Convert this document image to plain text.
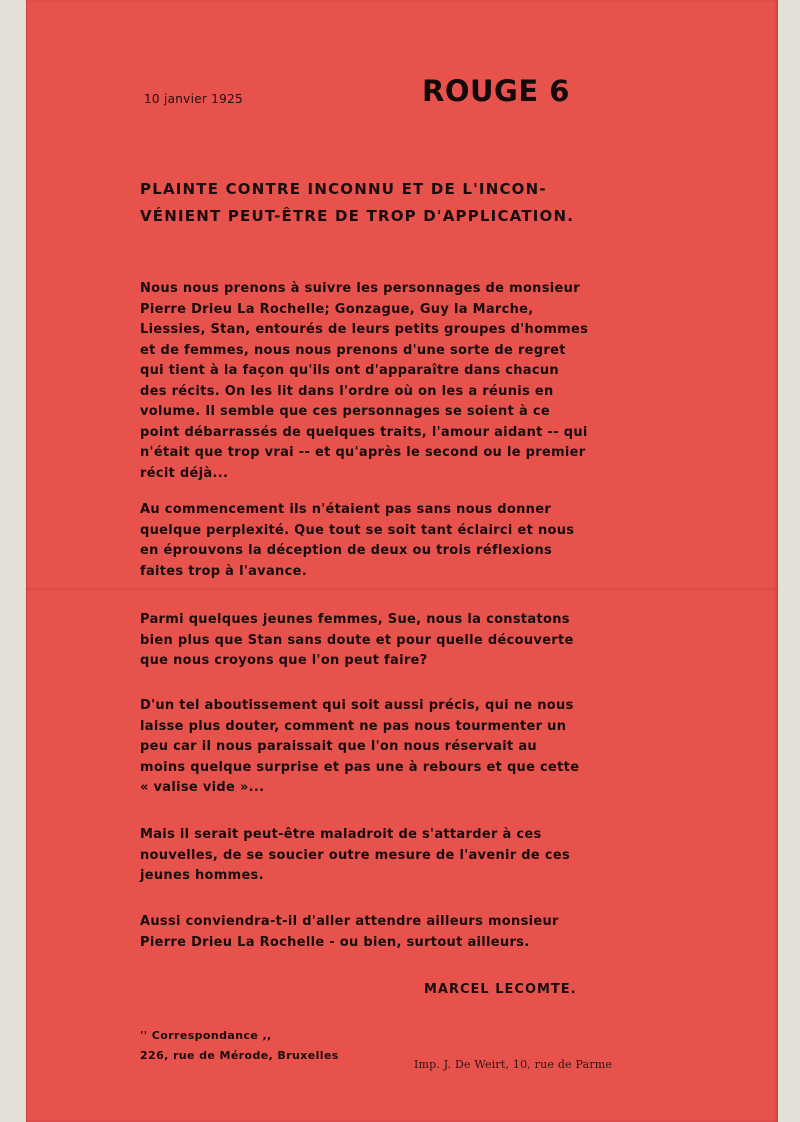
10 janvier 1925	ROUGE 6
PLAINTE CONTRE INCONNU ET DE L'INCON-
VÉNIENT PEUT-ÊTRE DE TROP D'APPLICATION.

Nous nous prenons à suivre les personnages de monsieur
Pierre Drieu La Rochelle; Gonzague, Guy la Marche,
Liessies, Stan, entourés de leurs petits groupes d'hommes
et de femmes, nous nous prenons d'une sorte de regret
qui tient à la façon qu'ils ont d'apparaître dans chacun
des récits. On les lit dans l'ordre où on les a réunis en
volume. Il semble que ces personnages se soient à ce
point débarrassés de quelques traits, l'amour aidant -- qui
n'était que trop vrai -- et qu'après le second ou le premier
récit déjà...

Au commencement ils n'étaient pas sans nous donner
quelque perplexité. Que tout se soit tant éclairci et nous
en éprouvons la déception de deux ou trois réflexions
faites trop à l'avance.

Parmi quelques jeunes femmes, Sue, nous la constatons
bien plus que Stan sans doute et pour quelle découverte
que nous croyons que l'on peut faire?

D'un tel aboutissement qui soit aussi précis, qui ne nous
laisse plus douter, comment ne pas nous tourmenter un
peu car il nous paraissait que l'on nous réservait au
moins quelque surprise et pas une à rebours et que cette
« valise vide »...

Mais il serait peut-être maladroit de s'attarder à ces
nouvelles, de se soucier outre mesure de l'avenir de ces
jeunes hommes.

Aussi conviendra-t-il d'aller attendre ailleurs monsieur
Pierre Drieu La Rochelle - ou bien, surtout ailleurs.

MARCEL LECOMTE.
'' Correspondance ,,
226, rue de Mérode, Bruxelles
Imp. J. De Weirt, 10, rue de Parme
